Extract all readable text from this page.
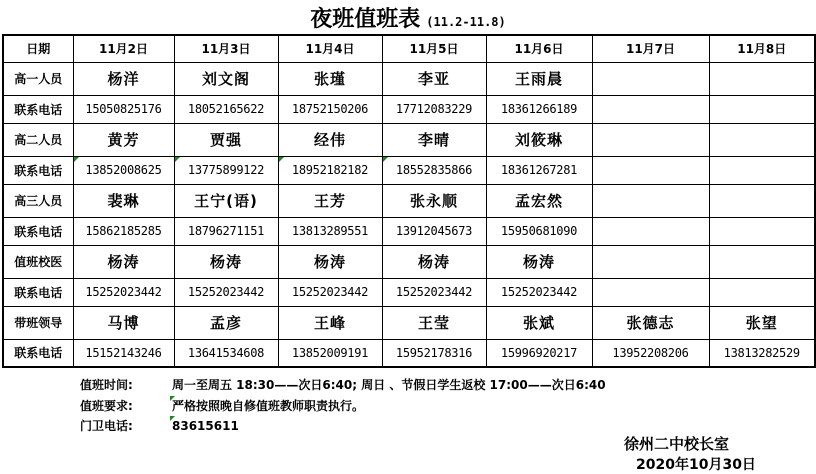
夜班值班表 (11.2-11.8)
日期	11月2日	11月3日	11月4日	11月5日	11月6日	11月7日	11月8日
高一人员	杨洋	刘文阁	张瑾	李亚	王雨晨		
联系电话	15050825176	18052165622	18752150206	17712083229	18361266189		
高二人员	黄芳	贾强	经伟	李晴	刘筱琳		
联系电话	13852008625	13775899122	18952182182	18552835866	18361267281		
高三人员	裴琳	王宁(语)	王芳	张永顺	孟宏然		
联系电话	15862185285	18796271151	13813289551	13912045673	15950681090		
值班校医	杨涛	杨涛	杨涛	杨涛	杨涛		
联系电话	15252023442	15252023442	15252023442	15252023442	15252023442		
带班领导	马博	孟彦	王峰	王莹	张斌	张德志	张望
联系电话	15152143246	13641534608	13852009191	15952178316	15996920217	13952208206	13813282529
值班时间:	周一至周五 18:30——次日6:40; 周日 、节假日学生返校 17:00——次日6:40
值班要求:	严格按照晚自修值班教师职责执行。
门卫电话:	83615611
徐州二中校长室
2020年10月30日
